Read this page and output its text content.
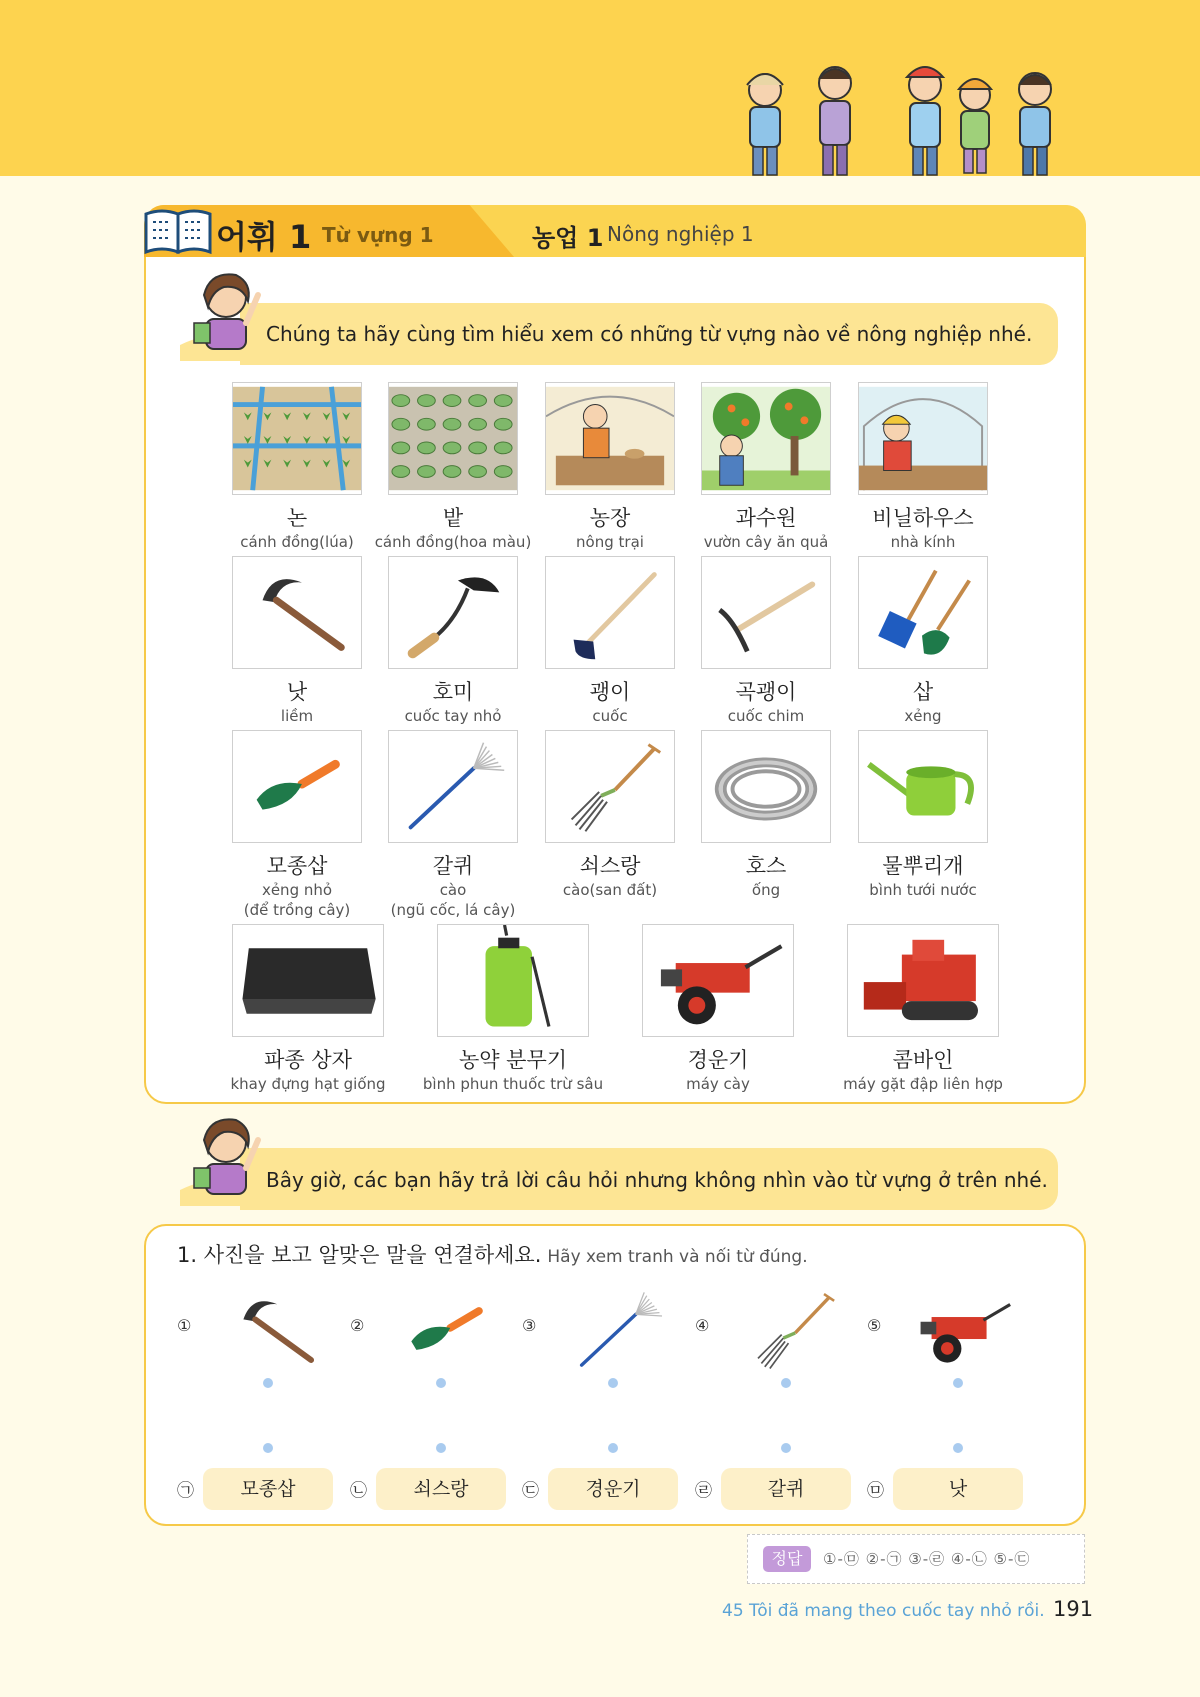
어휘 1 Từ vựng 1	농업 1 Nông nghiệp 1
Chúng ta hãy cùng tìm hiểu xem có những từ vựng nào về nông nghiệp nhé.
논
cánh đồng(lúa)
밭
cánh đồng(hoa màu)
농장
nông trại
과수원
vườn cây ăn quả
비닐하우스
nhà kính
낫
liềm
호미
cuốc tay nhỏ
괭이
cuốc
곡괭이
cuốc chim
삽
xẻng
모종삽
xẻng nhỏ
(để trồng cây)
갈퀴
cào
(ngũ cốc, lá cây)
쇠스랑
cào(san đất)
호스
ống
물뿌리개
bình tưới nước
파종 상자
khay đựng hạt giống
농약 분무기
bình phun thuốc trừ sâu
경운기
máy cày
콤바인
máy gặt đập liên hợp
Bây giờ, các bạn hãy trả lời câu hỏi nhưng không nhìn vào từ vựng ở trên nhé.
1. 사진을 보고 알맞은 말을 연결하세요. Hãy xem tranh và nối từ đúng.
①	②	③	④	⑤
㉠	모종삽	㉡	쇠스랑	㉢	경운기	㉣	갈퀴	㉤	낫
정답	①-㉤ ②-㉠ ③-㉣ ④-㉡ ⑤-㉢
45 Tôi đã mang theo cuốc tay nhỏ rồi. 191
